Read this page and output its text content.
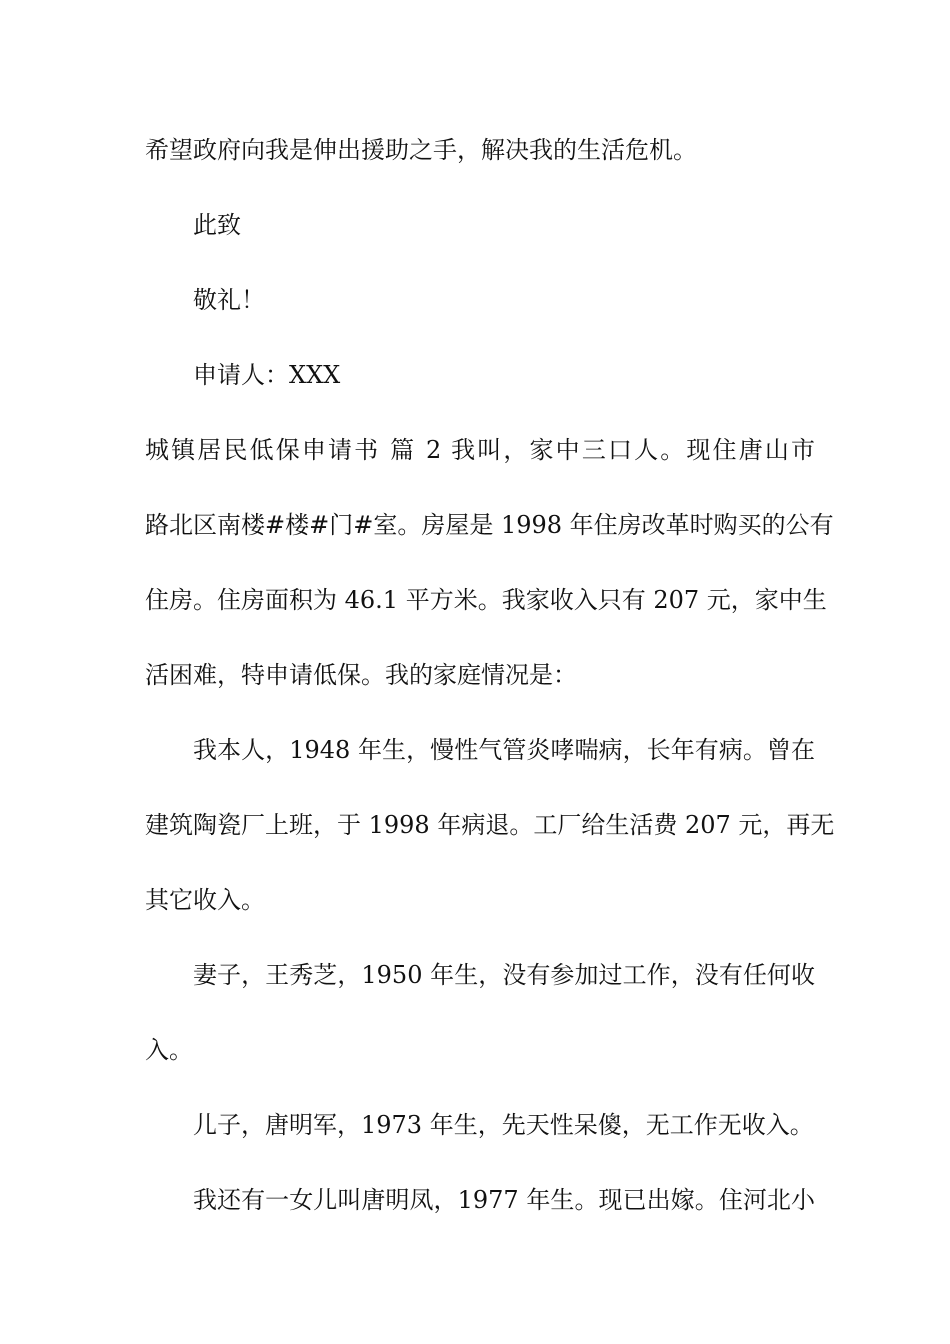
希望政府向我是伸出援助之手，解决我的生活危机。

此致

敬礼！

申请人：XXX

城镇居民低保申请书 篇 2 我叫，家中三口人。现住唐山市

路北区南楼#楼#门#室。房屋是 1998 年住房改革时购买的公有

住房。住房面积为 46.1 平方米。我家收入只有 207 元，家中生

活困难，特申请低保。我的家庭情况是：

我本人，1948 年生，慢性气管炎哮喘病，长年有病。曾在

建筑陶瓷厂上班，于 1998 年病退。工厂给生活费 207 元，再无

其它收入。

妻子，王秀芝，1950 年生，没有参加过工作，没有任何收

入。

儿子，唐明军，1973 年生，先天性呆傻，无工作无收入。

我还有一女儿叫唐明凤，1977 年生。现已出嫁。住河北小
